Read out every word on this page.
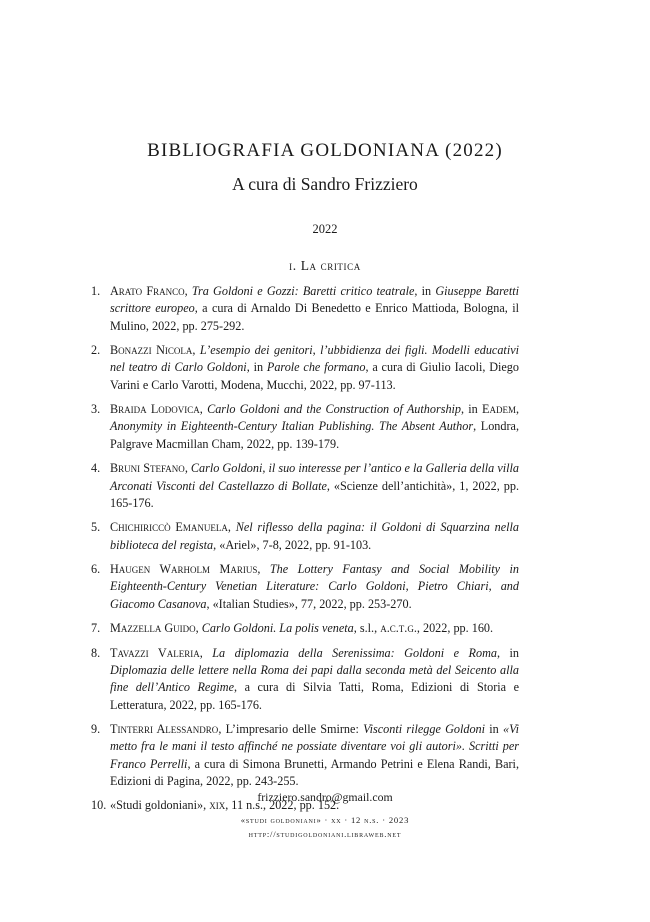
BIBLIOGRAFIA GOLDONIANA (2022)
A cura di Sandro Frizziero
2022
i. La critica
1. Arato Franco, Tra Goldoni e Gozzi: Baretti critico teatrale, in Giuseppe Baretti scrittore europeo, a cura di Arnaldo Di Benedetto e Enrico Mattioda, Bologna, il Mulino, 2022, pp. 275-292.
2. Bonazzi Nicola, L’esempio dei genitori, l’ubbidienza dei figli. Modelli educativi nel teatro di Carlo Goldoni, in Parole che formano, a cura di Giulio Iacoli, Diego Varini e Carlo Varotti, Modena, Mucchi, 2022, pp. 97-113.
3. Braida Lodovica, Carlo Goldoni and the Construction of Authorship, in Eadem, Anonymity in Eighteenth-Century Italian Publishing. The Absent Author, Londra, Palgrave Macmillan Cham, 2022, pp. 139-179.
4. Bruni Stefano, Carlo Goldoni, il suo interesse per l’antico e la Galleria della villa Arconati Visconti del Castellazzo di Bollate, «Scienze dell’antichità», 1, 2022, pp. 165-176.
5. Chichiriccò Emanuela, Nel riflesso della pagina: il Goldoni di Squarzina nella biblioteca del regista, «Ariel», 7-8, 2022, pp. 91-103.
6. Haugen Warholm Marius, The Lottery Fantasy and Social Mobility in Eighteenth-Century Venetian Literature: Carlo Goldoni, Pietro Chiari, and Giacomo Casanova, «Italian Studies», 77, 2022, pp. 253-270.
7. Mazzella Guido, Carlo Goldoni. La polis veneta, s.l., a.c.t.g., 2022, pp. 160.
8. Tavazzi Valeria, La diplomazia della Serenissima: Goldoni e Roma, in Diplomazia delle lettere nella Roma dei papi dalla seconda metà del Seicento alla fine dell’Antico Regime, a cura di Silvia Tatti, Roma, Edizioni di Storia e Letteratura, 2022, pp. 165-176.
9. Tinterri Alessandro, L’impresario delle Smirne: Visconti rilegge Goldoni in «Vi metto fra le mani il testo affinché ne possiate diventare voi gli autori». Scritti per Franco Perrelli, a cura di Simona Brunetti, Armando Petrini e Elena Randi, Bari, Edizioni di Pagina, 2022, pp. 243-255.
10. «Studi goldoniani», xix, 11 n.s., 2022, pp. 152.
frizziero.sandro@gmail.com
«studi goldoniani» · xx · 12 n.s. · 2023
http://studigoldoniani.libraweb.net
